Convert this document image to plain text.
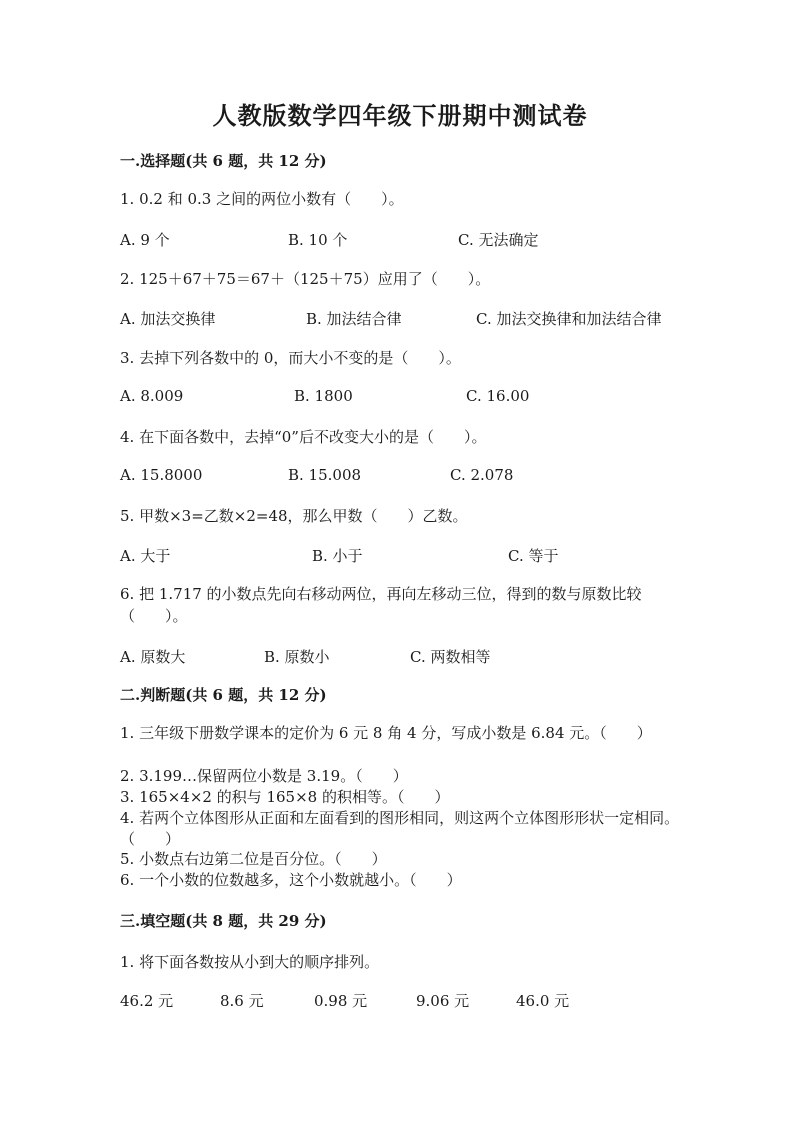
人教版数学四年级下册期中测试卷
一.选择题(共 6 题，共 12 分)
1. 0.2 和 0.3 之间的两位小数有（　　）。
A. 9 个	B. 10 个	C. 无法确定
2. 125＋67＋75＝67＋（125＋75）应用了（　　）。
A. 加法交换律	B. 加法结合律	C. 加法交换律和加法结合律
3. 去掉下列各数中的 0，而大小不变的是（　　）。
A. 8.009	B. 1800	C. 16.00
4. 在下面各数中，去掉“0”后不改变大小的是（　　）。
A. 15.8000	B. 15.008	C. 2.078
5. 甲数×3=乙数×2=48，那么甲数（　　）乙数。
A. 大于	B. 小于	C. 等于
6. 把 1.717 的小数点先向右移动两位，再向左移动三位，得到的数与原数比较（　　）。
A. 原数大	B. 原数小	C. 两数相等
二.判断题(共 6 题，共 12 分)
1. 三年级下册数学课本的定价为 6 元 8 角 4 分，写成小数是 6.84 元。（　　）
2. 3.199…保留两位小数是 3.19。（　　）
3. 165×4×2 的积与 165×8 的积相等。（　　）
4. 若两个立体图形从正面和左面看到的图形相同，则这两个立体图形形状一定相同。（　　）
5. 小数点右边第二位是百分位。（　　）
6. 一个小数的位数越多，这个小数就越小。（　　）
三.填空题(共 8 题，共 29 分)
1. 将下面各数按从小到大的顺序排列。
46.2 元	8.6 元	0.98 元	9.06 元	46.0 元
